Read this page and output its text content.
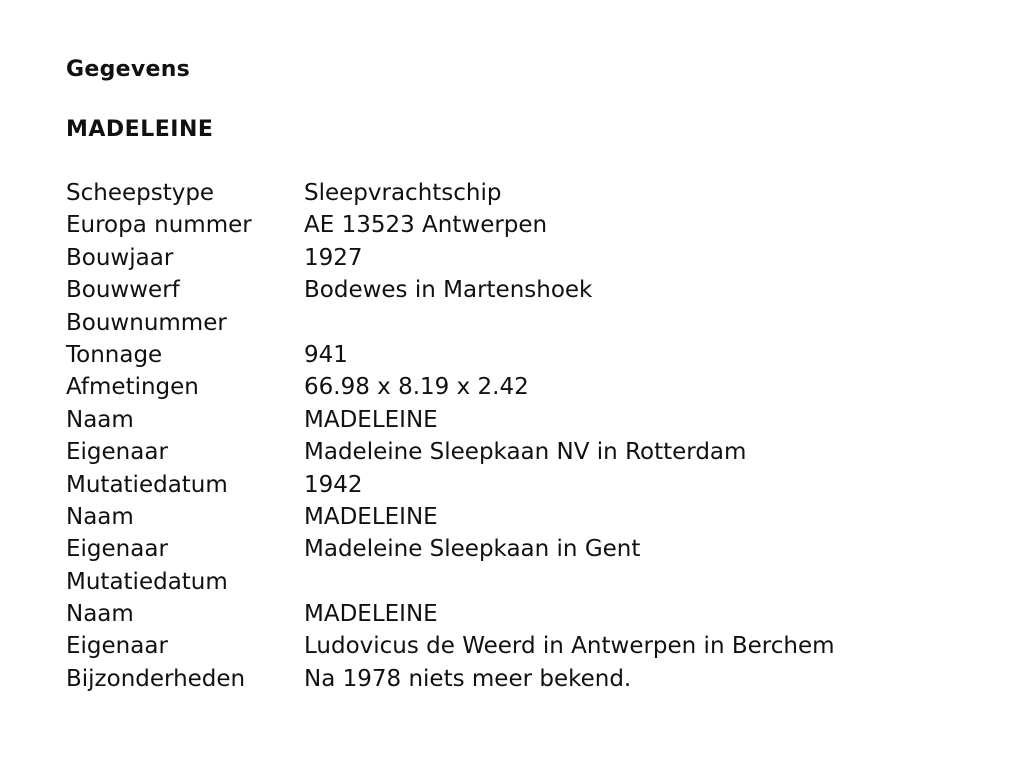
Gegevens
MADELEINE
Scheepstype	Sleepvrachtschip
Europa nummer	AE 13523 Antwerpen
Bouwjaar	1927
Bouwwerf	Bodewes in Martenshoek
Bouwnummer	
Tonnage	941
Afmetingen	66.98 x 8.19 x 2.42
Naam	MADELEINE
Eigenaar	Madeleine Sleepkaan NV in Rotterdam
Mutatiedatum	1942
Naam	MADELEINE
Eigenaar	Madeleine Sleepkaan in Gent
Mutatiedatum	
Naam	MADELEINE
Eigenaar	Ludovicus de Weerd in Antwerpen in Berchem
Bijzonderheden	Na 1978 niets meer bekend.
